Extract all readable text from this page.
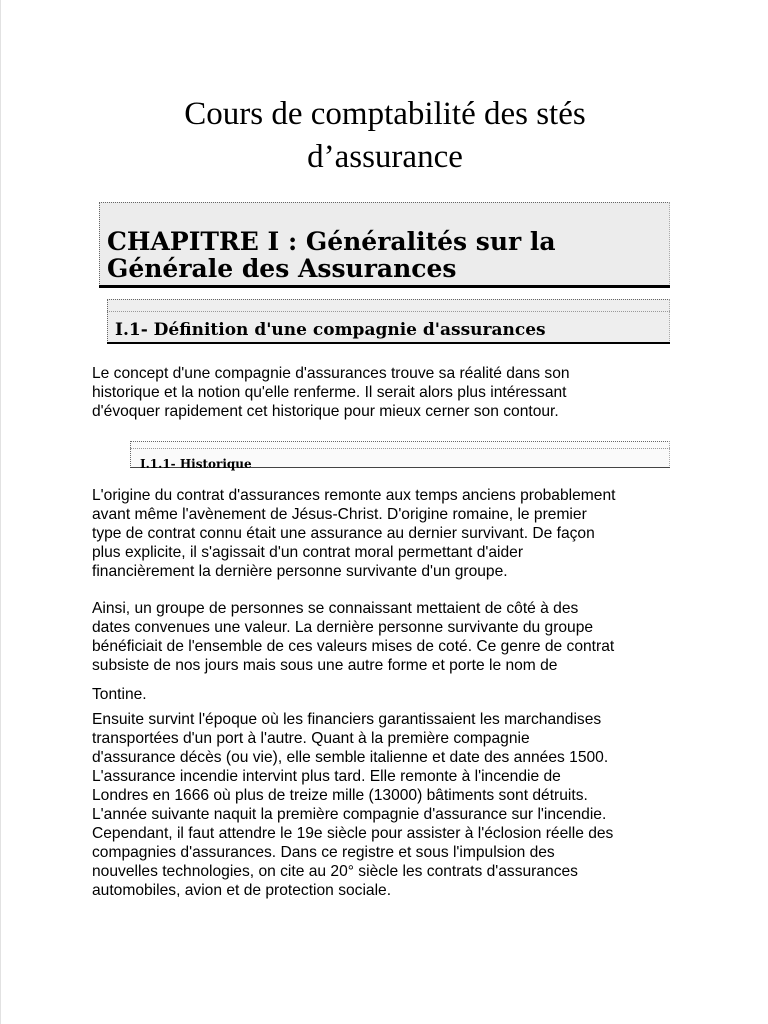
Cours de comptabilité des stés
d’assurance
CHAPITRE I : Généralités sur la
Générale des Assurances
I.1- Définition d'une compagnie d'assurances

Le concept d'une compagnie d'assurances trouve sa réalité dans son
historique et la notion qu'elle renferme. Il serait alors plus intéressant
d'évoquer rapidement cet historique pour mieux cerner son contour.

I.1.1- Historique

L'origine du contrat d'assurances remonte aux temps anciens probablement
avant même l'avènement de Jésus-Christ. D'origine romaine, le premier
type de contrat connu était une assurance au dernier survivant. De façon
plus explicite, il s'agissait d'un contrat moral permettant d'aider
financièrement la dernière personne survivante d'un groupe.

Ainsi, un groupe de personnes se connaissant mettaient de côté à des
dates convenues une valeur. La dernière personne survivante du groupe
bénéficiait de l'ensemble de ces valeurs mises de coté. Ce genre de contrat
subsiste de nos jours mais sous une autre forme et porte le nom de

Tontine.

Ensuite survint l'époque où les financiers garantissaient les marchandises
transportées d'un port à l'autre. Quant à la première compagnie
d'assurance décès (ou vie), elle semble italienne et date des années 1500.
L'assurance incendie intervint plus tard. Elle remonte à l'incendie de
Londres en 1666 où plus de treize mille (13000) bâtiments sont détruits.
L'année suivante naquit la première compagnie d'assurance sur l'incendie.
Cependant, il faut attendre le 19e siècle pour assister à l'éclosion réelle des
compagnies d'assurances. Dans ce registre et sous l'impulsion des
nouvelles technologies, on cite au 20° siècle les contrats d'assurances
automobiles, avion et de protection sociale.
